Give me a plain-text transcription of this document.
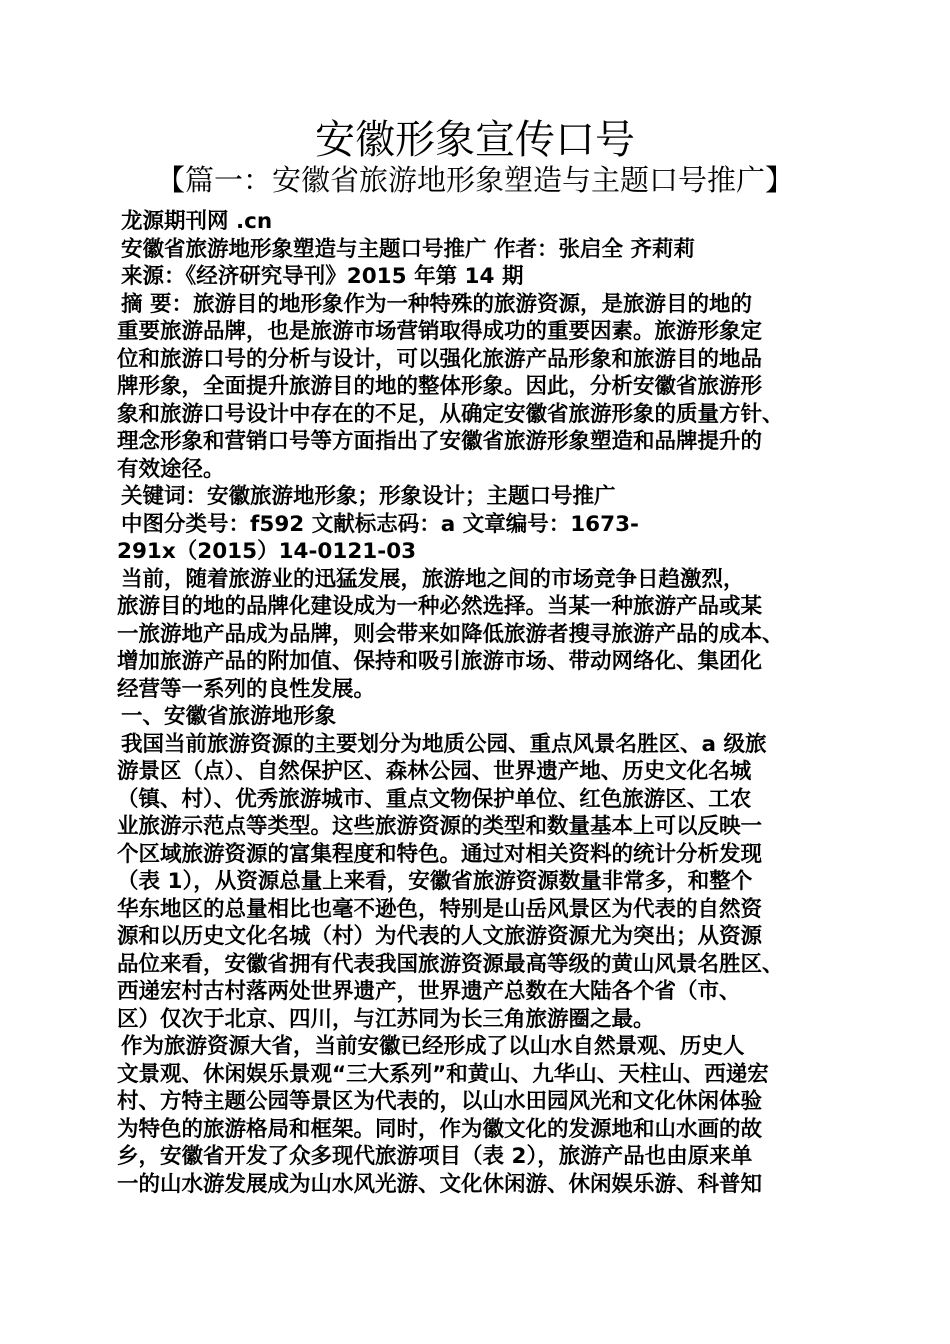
安徽形象宣传口号
【篇一：安徽省旅游地形象塑造与主题口号推广】
龙源期刊网 .cn
安徽省旅游地形象塑造与主题口号推广 作者：张启全 齐莉莉
来源：《经济研究导刊》2015 年第 14 期
摘 要：旅游目的地形象作为一种特殊的旅游资源，是旅游目的地的
重要旅游品牌，也是旅游市场营销取得成功的重要因素。旅游形象定
位和旅游口号的分析与设计，可以强化旅游产品形象和旅游目的地品
牌形象，全面提升旅游目的地的整体形象。因此，分析安徽省旅游形
象和旅游口号设计中存在的不足，从确定安徽省旅游形象的质量方针、
理念形象和营销口号等方面指出了安徽省旅游形象塑造和品牌提升的
有效途径。
关键词：安徽旅游地形象；形象设计；主题口号推广
中图分类号：f592 文献标志码：a 文章编号：1673-
291x（2015）14-0121-03
当前，随着旅游业的迅猛发展，旅游地之间的市场竞争日趋激烈，
旅游目的地的品牌化建设成为一种必然选择。当某一种旅游产品或某
一旅游地产品成为品牌，则会带来如降低旅游者搜寻旅游产品的成本、
增加旅游产品的附加值、保持和吸引旅游市场、带动网络化、集团化
经营等一系列的良性发展。
一、安徽省旅游地形象
我国当前旅游资源的主要划分为地质公园、重点风景名胜区、a 级旅
游景区（点）、自然保护区、森林公园、世界遗产地、历史文化名城
（镇、村）、优秀旅游城市、重点文物保护单位、红色旅游区、工农
业旅游示范点等类型。这些旅游资源的类型和数量基本上可以反映一
个区域旅游资源的富集程度和特色。通过对相关资料的统计分析发现
（表 1），从资源总量上来看，安徽省旅游资源数量非常多，和整个
华东地区的总量相比也毫不逊色，特别是山岳风景区为代表的自然资
源和以历史文化名城（村）为代表的人文旅游资源尤为突出；从资源
品位来看，安徽省拥有代表我国旅游资源最高等级的黄山风景名胜区、
西递宏村古村落两处世界遗产，世界遗产总数在大陆各个省（市、
区）仅次于北京、四川，与江苏同为长三角旅游圈之最。
作为旅游资源大省，当前安徽已经形成了以山水自然景观、历史人
文景观、休闲娱乐景观“三大系列”和黄山、九华山、天柱山、西递宏
村、方特主题公园等景区为代表的，以山水田园风光和文化休闲体验
为特色的旅游格局和框架。同时，作为徽文化的发源地和山水画的故
乡，安徽省开发了众多现代旅游项目（表 2），旅游产品也由原来单
一的山水游发展成为山水风光游、文化休闲游、休闲娱乐游、科普知
